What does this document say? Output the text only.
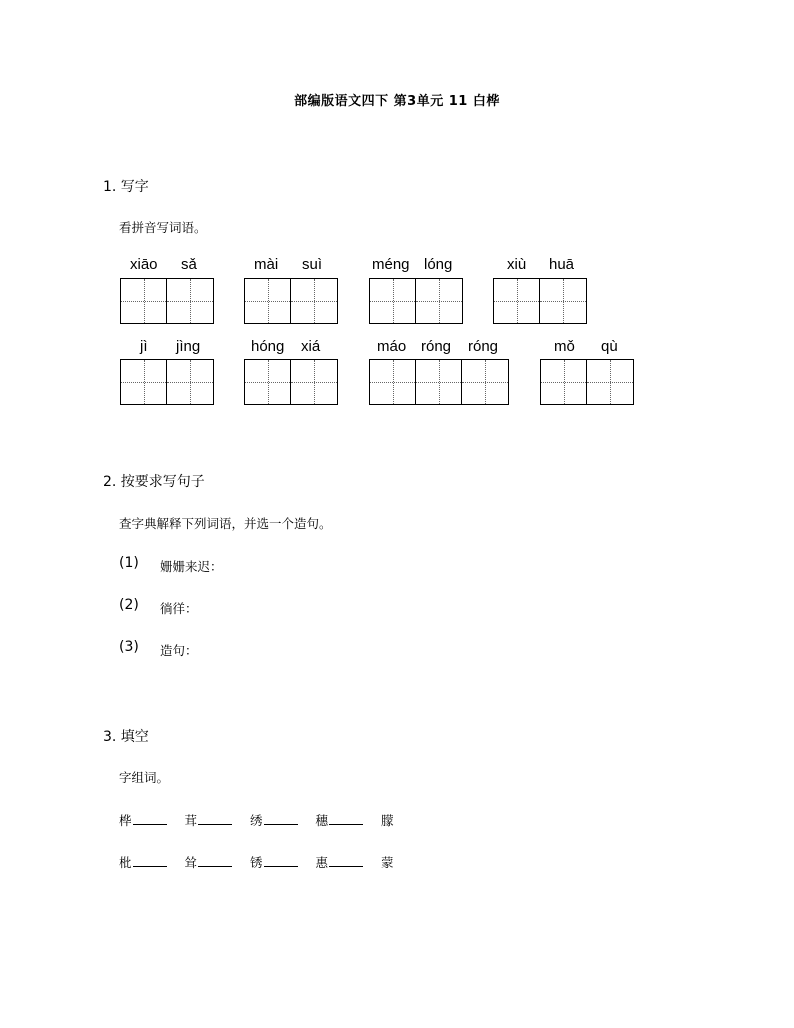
部编版语文四下 第3单元 11 白桦
1. 写字
看拼音写词语。
xiāo sǎ	mài suì	méng lóng	xiù huā
jì jìng	hóng xiá	máo róng róng	mǒ qù
2. 按要求写句子
查字典解释下列词语，并选一个造句。
(1) 姗姗来迟：
(2) 徜徉：
(3) 造句：
3. 填空
字组词。
桦	茸	绣	穗	朦
枇	耸	锈	惠	蒙
